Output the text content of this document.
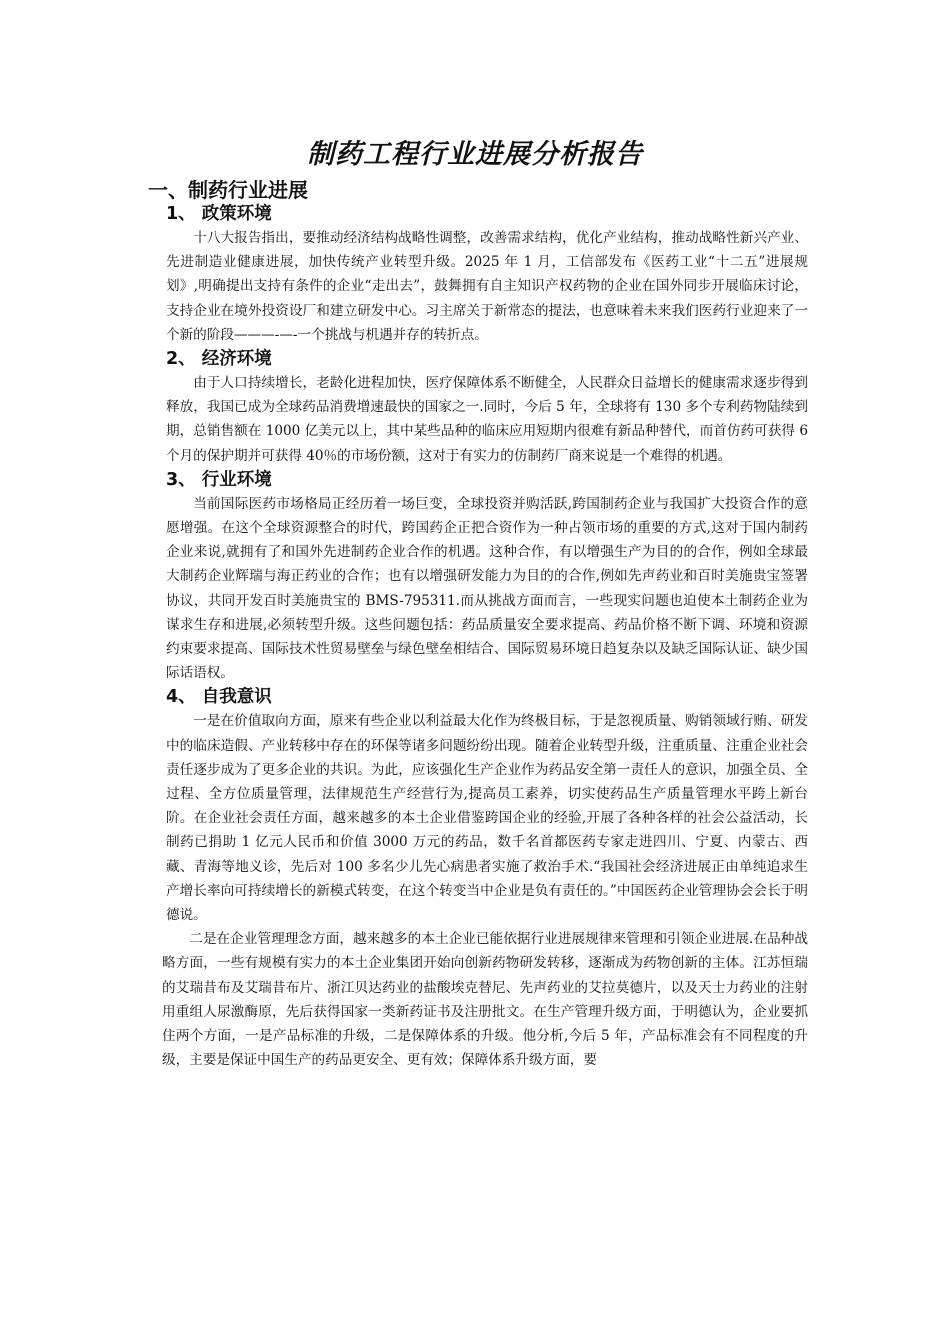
制药工程行业进展分析报告
一、制药行业进展
1、 政策环境

十八大报告指出，要推动经济结构战略性调整，改善需求结构，优化产业结构，推动战略性新兴产业、先进制造业健康进展，加快传统产业转型升级。2025 年 1 月，工信部发布《医药工业“十二五”进展规划》,明确提出支持有条件的企业“走出去”，鼓舞拥有自主知识产权药物的企业在国外同步开展临床讨论，支持企业在境外投资设厂和建立研发中心。习主席关于新常态的提法，也意味着未来我们医药行业迎来了一个新的阶段———-—-一个挑战与机遇并存的转折点。

2、 经济环境

由于人口持续增长，老龄化进程加快，医疗保障体系不断健全，人民群众日益增长的健康需求逐步得到释放，我国已成为全球药品消费增速最快的国家之一.同时，今后 5 年，全球将有 130 多个专利药物陆续到期，总销售额在 1000 亿美元以上，其中某些品种的临床应用短期内很难有新品种替代，而首仿药可获得 6 个月的保护期并可获得 40％的市场份额，这对于有实力的仿制药厂商来说是一个难得的机遇。

3、 行业环境

当前国际医药市场格局正经历着一场巨变，全球投资并购活跃,跨国制药企业与我国扩大投资合作的意愿增强。在这个全球资源整合的时代，跨国药企正把合资作为一种占领市场的重要的方式,这对于国内制药企业来说,就拥有了和国外先进制药企业合作的机遇。这种合作，有以增强生产为目的的合作，例如全球最大制药企业辉瑞与海正药业的合作；也有以增强研发能力为目的的合作,例如先声药业和百时美施贵宝签署协议，共同开发百时美施贵宝的 BMS-795311.而从挑战方面而言，一些现实问题也迫使本土制药企业为谋求生存和进展,必须转型升级。这些问题包括：药品质量安全要求提高、药品价格不断下调、环境和资源约束要求提高、国际技术性贸易壁垒与绿色壁垒相结合、国际贸易环境日趋复杂以及缺乏国际认证、缺少国际话语权。

4、 自我意识

一是在价值取向方面，原来有些企业以利益最大化作为终极目标，于是忽视质量、购销领域行贿、研发中的临床造假、产业转移中存在的环保等诸多问题纷纷出现。随着企业转型升级，注重质量、注重企业社会责任逐步成为了更多企业的共识。为此，应该强化生产企业作为药品安全第一责任人的意识，加强全员、全过程、全方位质量管理，法律规范生产经营行为,提高员工素养，切实使药品生产质量管理水平跨上新台阶。在企业社会责任方面，越来越多的本土企业借鉴跨国企业的经验,开展了各种各样的社会公益活动，长制药已捐助 1 亿元人民币和价值 3000 万元的药品，数千名首都医药专家走进四川、宁夏、内蒙古、西藏、青海等地义诊，先后对 100 多名少儿先心病患者实施了救治手术.“我国社会经济进展正由单纯追求生产增长率向可持续增长的新模式转变，在这个转变当中企业是负有责任的。”中国医药企业管理协会会长于明德说。

二是在企业管理理念方面，越来越多的本土企业已能依据行业进展规律来管理和引领企业进展.在品种战略方面，一些有规模有实力的本土企业集团开始向创新药物研发转移，逐渐成为药物创新的主体。江苏恒瑞的艾瑞昔布及艾瑞昔布片、浙江贝达药业的盐酸埃克替尼、先声药业的艾拉莫德片，以及天士力药业的注射用重组人尿激酶原，先后获得国家一类新药证书及注册批文。在生产管理升级方面，于明德认为，企业要抓住两个方面，一是产品标准的升级，二是保障体系的升级。他分析,今后 5 年，产品标准会有不同程度的升级，主要是保证中国生产的药品更安全、更有效；保障体系升级方面，要
